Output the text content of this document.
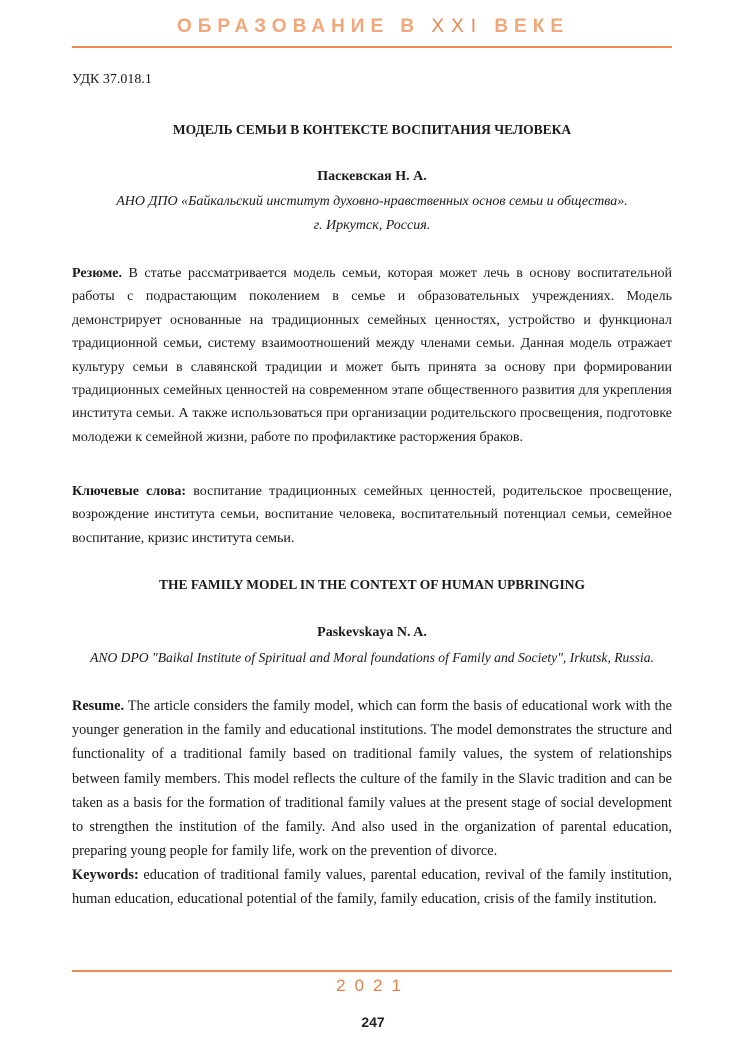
ОБРАЗОВАНИЕ В XXI ВЕКЕ
УДК 37.018.1
МОДЕЛЬ СЕМЬИ В КОНТЕКСТЕ ВОСПИТАНИЯ ЧЕЛОВЕКА
Паскевская Н. А.
АНО ДПО «Байкальский институт духовно-нравственных основ семьи и общества».
г. Иркутск, Россия.

Резюме. В статье рассматривается модель семьи, которая может лечь в основу воспитательной работы с подрастающим поколением в семье и образовательных учреждениях. Модель демонстрирует основанные на традиционных семейных ценностях, устройство и функционал традиционной семьи, систему взаимоотношений между членами семьи. Данная модель отражает культуру семьи в славянской традиции и может быть принята за основу при формировании традиционных семейных ценностей на современном этапе общественного развития для укрепления института семьи. А также использоваться при организации родительского просвещения, подготовке молодежи к семейной жизни, работе по профилактике расторжения браков.

Ключевые слова: воспитание традиционных семейных ценностей, родительское просвещение, возрождение института семьи, воспитание человека, воспитательный потенциал семьи, семейное воспитание, кризис института семьи.

THE FAMILY MODEL IN THE CONTEXT OF HUMAN UPBRINGING
Paskevskaya N. A.
ANO DPO "Baikal Institute of Spiritual and Moral foundations of Family and Society", Irkutsk, Russia.

Resume. The article considers the family model, which can form the basis of educational work with the younger generation in the family and educational institutions. The model demonstrates the structure and functionality of a traditional family based on traditional family values, the system of relationships between family members. This model reflects the culture of the family in the Slavic tradition and can be taken as a basis for the formation of traditional family values at the present stage of social development to strengthen the institution of the family. And also used in the organization of parental education, preparing young people for family life, work on the prevention of divorce.

Keywords: education of traditional family values, parental education, revival of the family institution, human education, educational potential of the family, family education, crisis of the family institution.

2021
247
